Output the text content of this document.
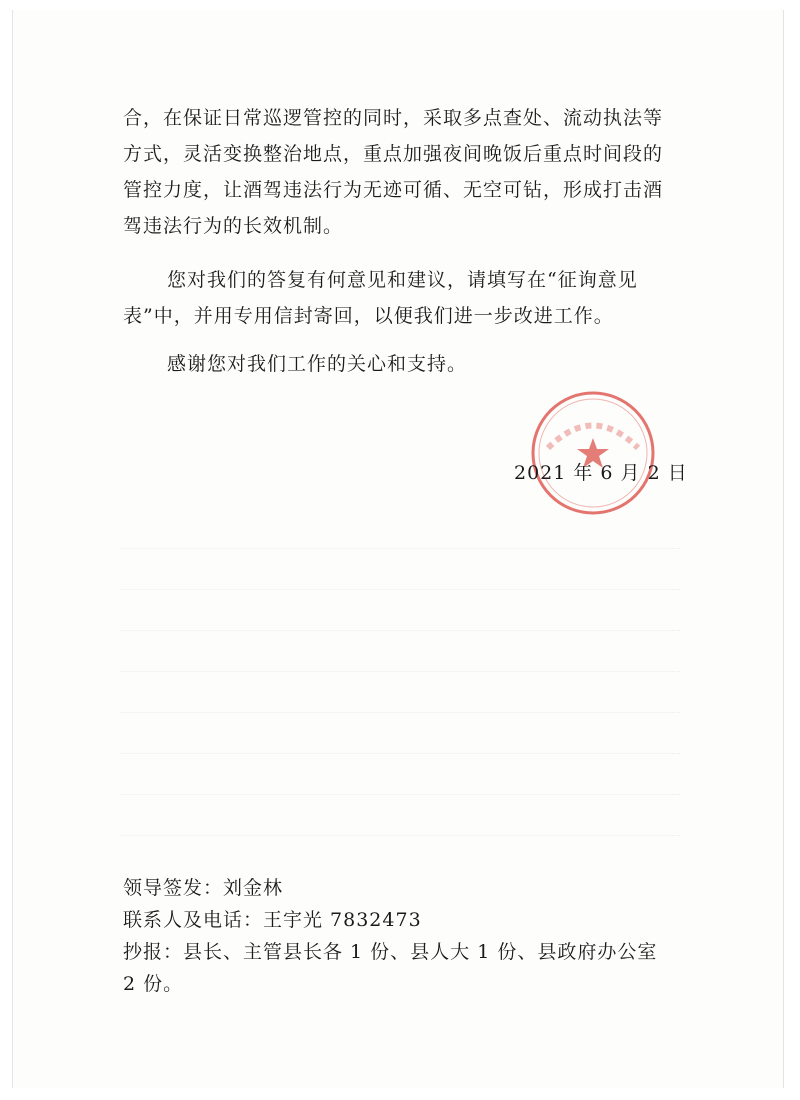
合，在保证日常巡逻管控的同时，采取多点查处、流动执法等方式，灵活变换整治地点，重点加强夜间晚饭后重点时间段的管控力度，让酒驾违法行为无迹可循、无空可钻，形成打击酒驾违法行为的长效机制。

您对我们的答复有何意见和建议，请填写在“征询意见表”中，并用专用信封寄回，以便我们进一步改进工作。

感谢您对我们工作的关心和支持。

2021 年 6 月 2 日

领导签发：刘金林

联系人及电话：王宇光 7832473

抄报：县长、主管县长各 1 份、县人大 1 份、县政府办公室 2 份。
